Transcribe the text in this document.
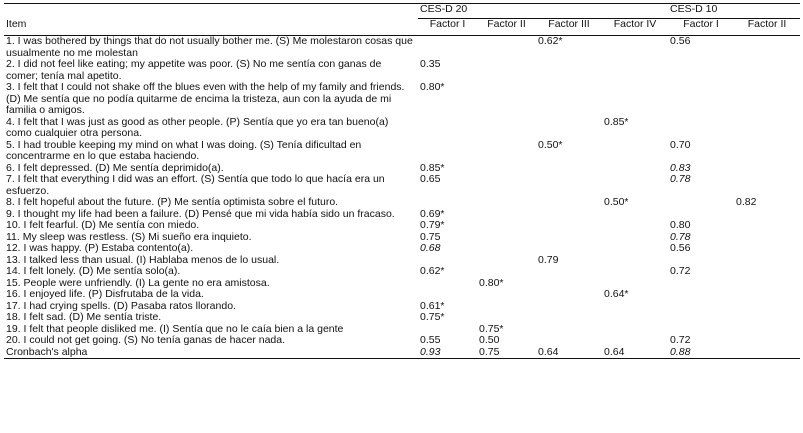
	CES-D 20				CES-D 10	

Item	Factor I	Factor II	Factor III	Factor IV	Factor I	Factor II
1. I was bothered by things that do not usually bother me. (S) Me molestaron cosas que usualmente no me molestan			0.62*		0.56	
2. I did not feel like eating; my appetite was poor. (S) No me sentía con ganas de comer; tenía mal apetito.	0.35					
3. I felt that I could not shake off the blues even with the help of my family and friends. (D) Me sentía que no podía quitarme de encima la tristeza, aun con la ayuda de mi familia o amigos.	0.80*					
4. I felt that I was just as good as other people. (P) Sentía que yo era tan bueno(a) como cualquier otra persona.				0.85*		
5. I had trouble keeping my mind on what I was doing. (S) Tenía dificultad en concentrarme en lo que estaba haciendo.			0.50*		0.70	
6. I felt depressed. (D) Me sentía deprimido(a).	0.85*				0.83	
7. I felt that everything I did was an effort. (S) Sentía que todo lo que hacía era un esfuerzo.	0.65				0.78	
8. I felt hopeful about the future. (P) Me sentía optimista sobre el futuro.				0.50*		0.82
9. I thought my life had been a failure. (D) Pensé que mi vida había sido un fracaso.	0.69*					
10. I felt fearful. (D) Me sentía con miedo.	0.79*				0.80	
11. My sleep was restless. (S) Mi sueño era inquieto.	0.75				0.78	
12. I was happy. (P) Estaba contento(a).	0.68				0.56	
13. I talked less than usual. (I) Hablaba menos de lo usual.			0.79			
14. I felt lonely. (D) Me sentía solo(a).	0.62*				0.72	
15. People were unfriendly. (I) La gente no era amistosa.		0.80*				
16. I enjoyed life. (P) Disfrutaba de la vida.				0.64*		
17. I had crying spells. (D) Pasaba ratos llorando.	0.61*					
18. I felt sad. (D) Me sentía triste.	0.75*					
19. I felt that people disliked me. (I) Sentía que no le caía bien a la gente		0.75*				
20. I could not get going. (S) No tenía ganas de hacer nada.	0.55	0.50			0.72	
Cronbach's alpha	0.93	0.75	0.64	0.64	0.88	
